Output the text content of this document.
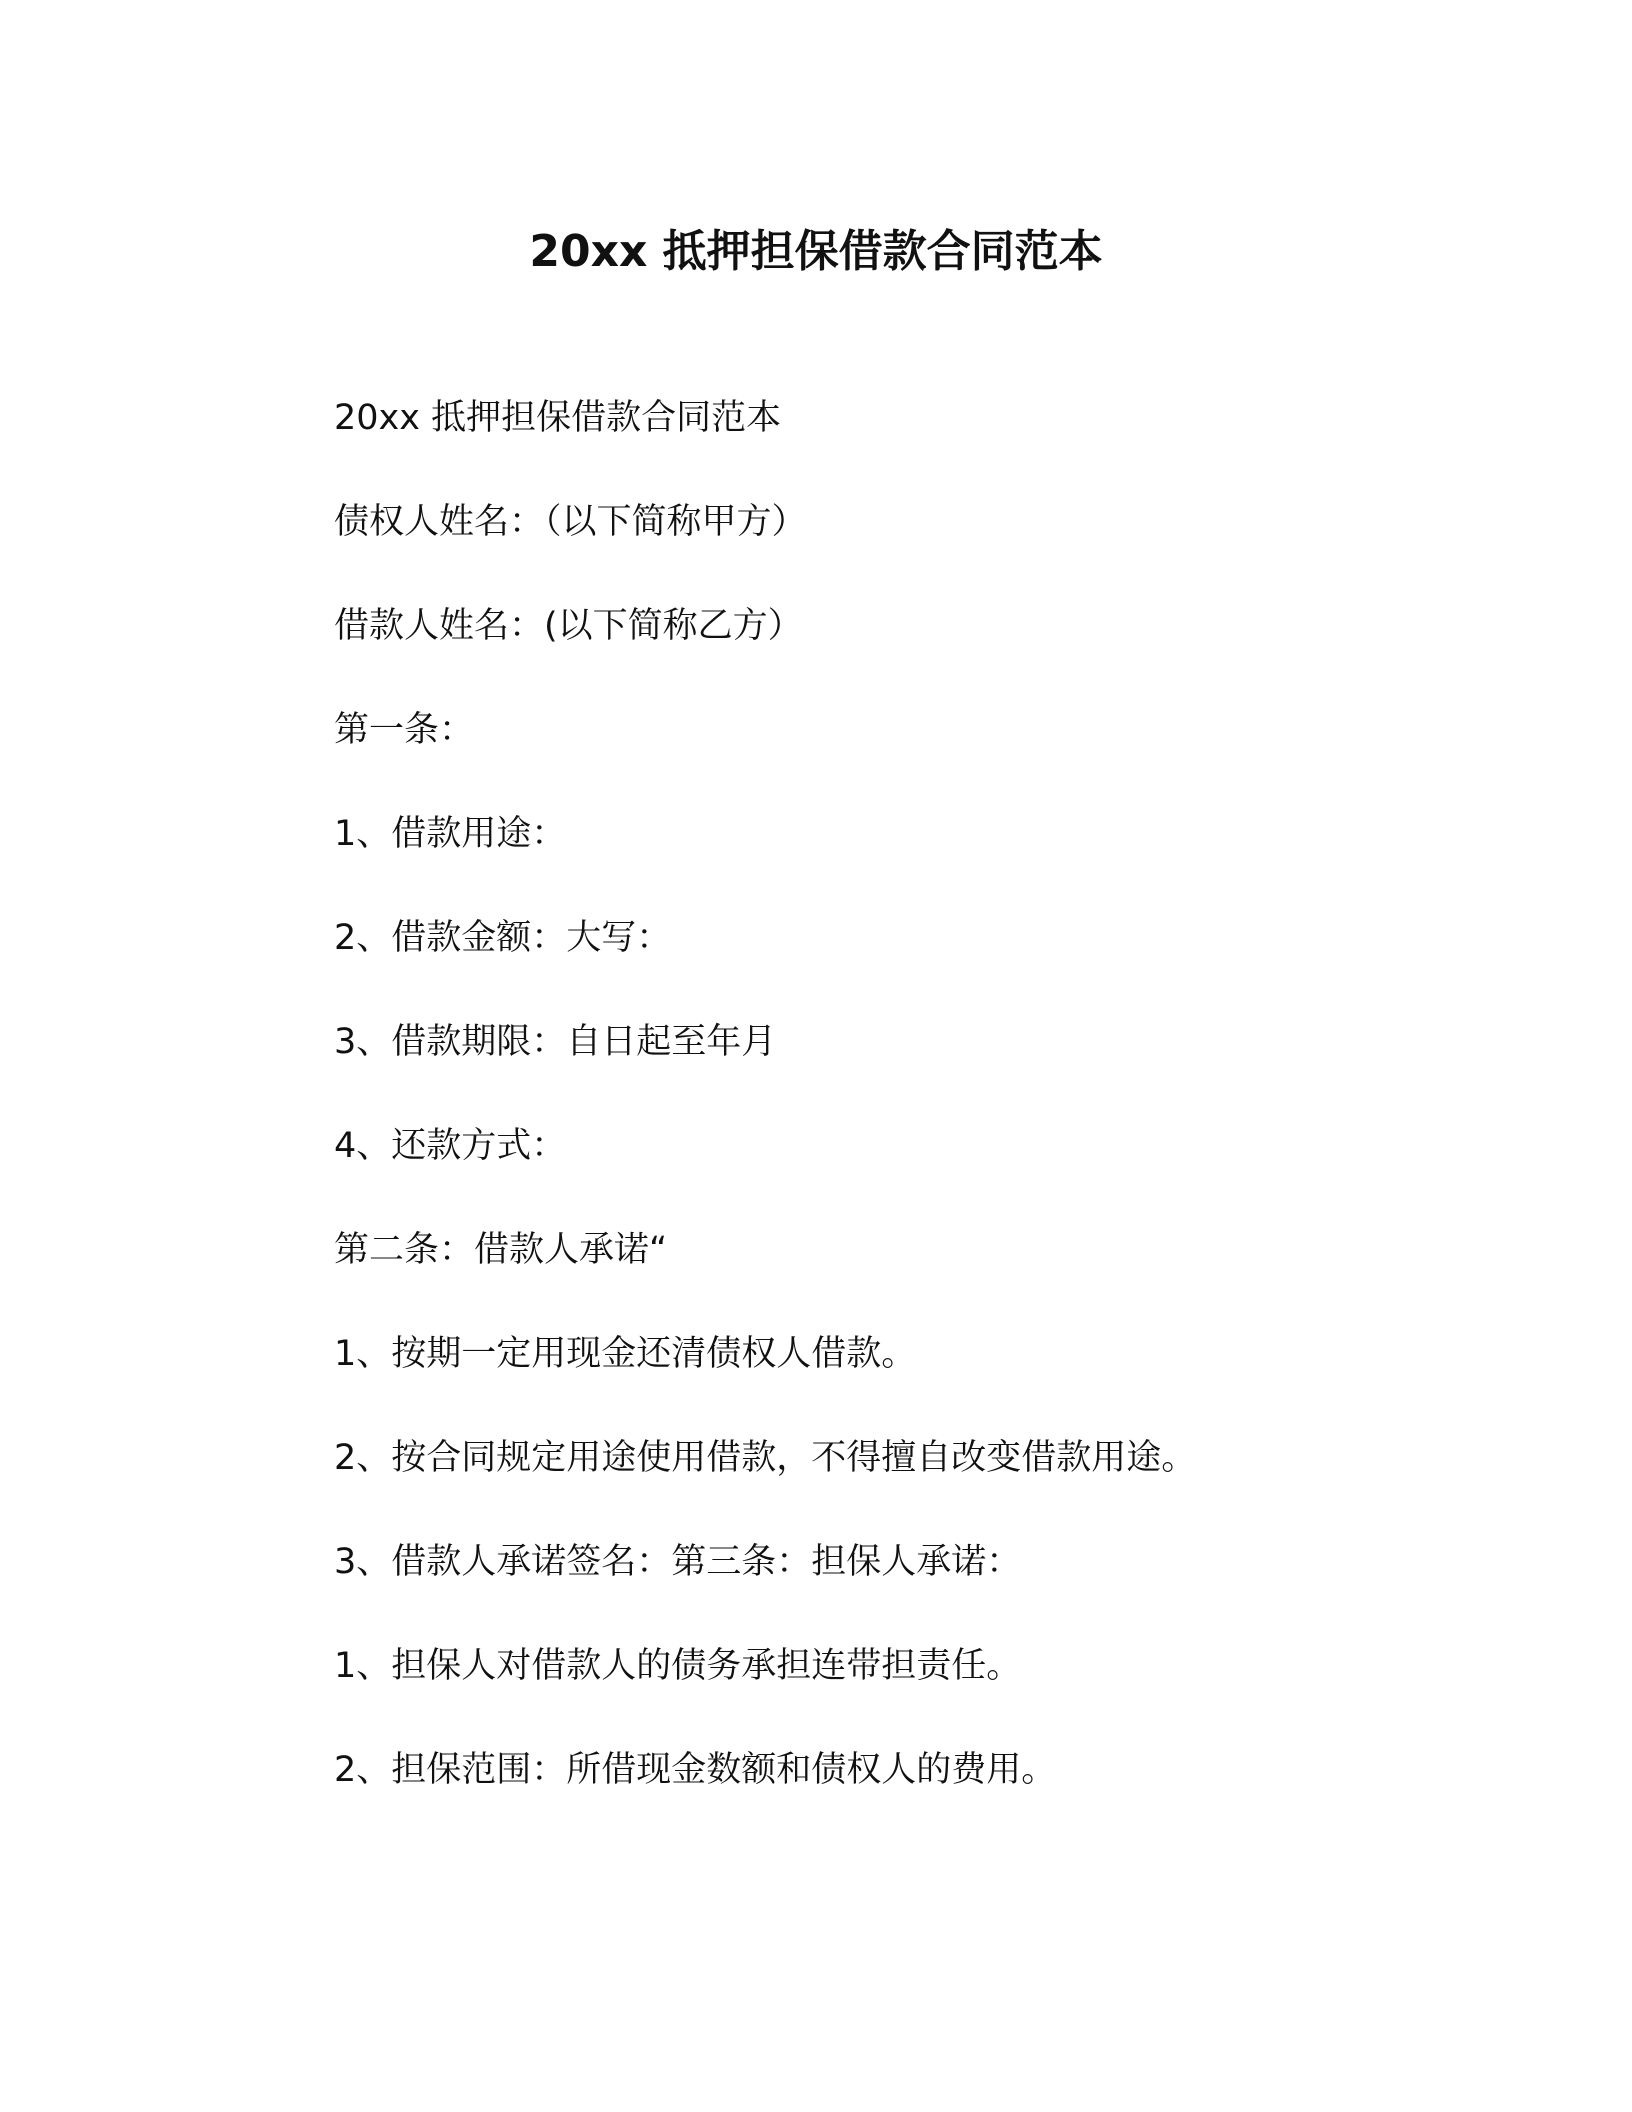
20xx 抵押担保借款合同范本

20xx 抵押担保借款合同范本

债权人姓名：（以下简称甲方）

借款人姓名：(以下简称乙方）

第一条：

1、借款用途：

2、借款金额：大写：

3、借款期限：自日起至年月

4、还款方式：

第二条：借款人承诺“

1、按期一定用现金还清债权人借款。

2、按合同规定用途使用借款，不得擅自改变借款用途。

3、借款人承诺签名：第三条：担保人承诺：

1、担保人对借款人的债务承担连带担责任。

2、担保范围：所借现金数额和债权人的费用。
